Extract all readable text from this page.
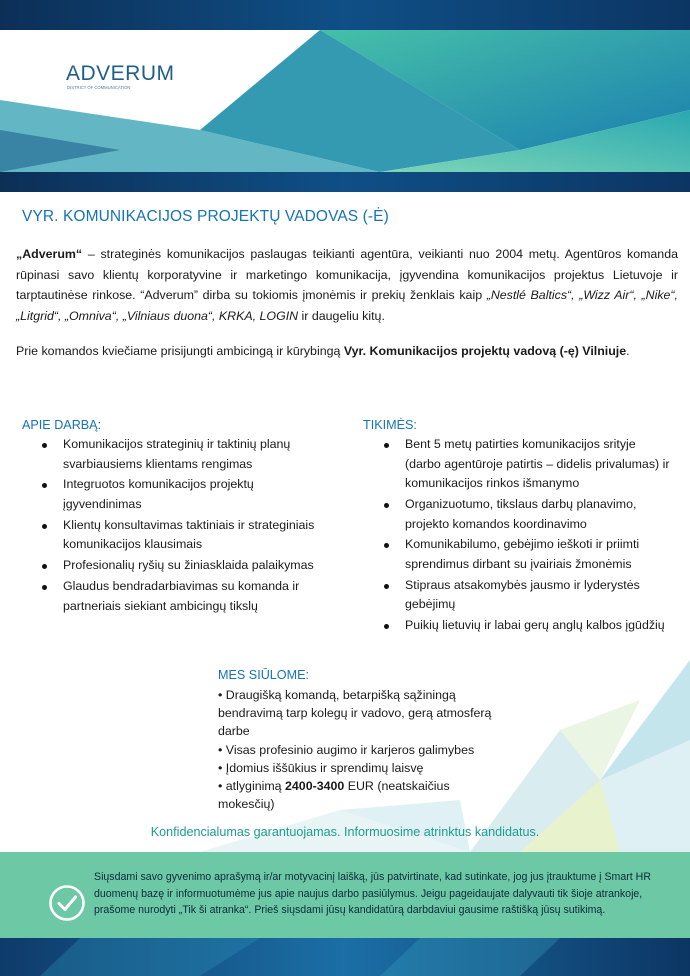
ADVERUM
DISTRICT OF COMMUNICATION
VYR. KOMUNIKACIJOS PROJEKTŲ VADOVAS (-Ė)
„Adverum“ – strateginės komunikacijos paslaugas teikianti agentūra, veikianti nuo 2004 metų. Agentūros komanda rūpinasi savo klientų korporatyvine ir marketingo komunikacija, įgyvendina komunikacijos projektus Lietuvoje ir tarptautinėse rinkose. “Adverum” dirba su tokiomis įmonėmis ir prekių ženklais kaip „Nestlé Baltics“, „Wizz Air“, „Nike“, „Litgrid“, „Omniva“, „Vilniaus duona“, KRKA, LOGIN ir daugeliu kitų.
Prie komandos kviečiame prisijungti ambicingą ir kūrybingą Vyr. Komunikacijos projektų vadovą (-ę) Vilniuje.
APIE DARBĄ:
Komunikacijos strateginių ir taktinių planų svarbiausiems klientams rengimas
Integruotos komunikacijos projektų įgyvendinimas
Klientų konsultavimas taktiniais ir strateginiais komunikacijos klausimais
Profesionalių ryšių su žiniasklaida palaikymas
Glaudus bendradarbiavimas su komanda ir partneriais siekiant ambicingų tikslų
TIKIMĖS:
Bent 5 metų patirties komunikacijos srityje (darbo agentūroje patirtis – didelis privalumas) ir komunikacijos rinkos išmanymo
Organizuotumo, tikslaus darbų planavimo, projekto komandos koordinavimo
Komunikabilumo, gebėjimo ieškoti ir priimti sprendimus dirbant su įvairiais žmonėmis
Stipraus atsakomybės jausmo ir lyderystės gebėjimų
Puikių lietuvių ir labai gerų anglų kalbos įgūdžių
MES SIŪLOME:
• Draugišką komandą, betarpišką sąžiningą bendravimą tarp kolegų ir vadovo, gerą atmosferą darbe
• Visas profesinio augimo ir karjeros galimybes
• Įdomius iššūkius ir sprendimų laisvę
• atlyginimą 2400-3400 EUR (neatskaičius mokesčių)
Konfidencialumas garantuojamas. Informuosime atrinktus kandidatus.
Siųsdami savo gyvenimo aprašymą ir/ar motyvacinį laišką, jūs patvirtinate, kad sutinkate, jog jus įtrauktume į Smart HR duomenų bazę ir informuotumėme jus apie naujus darbo pasiūlymus. Jeigu pageidaujate dalyvauti tik šioje atrankoje, prašome nurodyti „Tik ši atranka“. Prieš siųsdami jūsų kandidatūrą darbdaviui gausime raštišką jūsų sutikimą.
